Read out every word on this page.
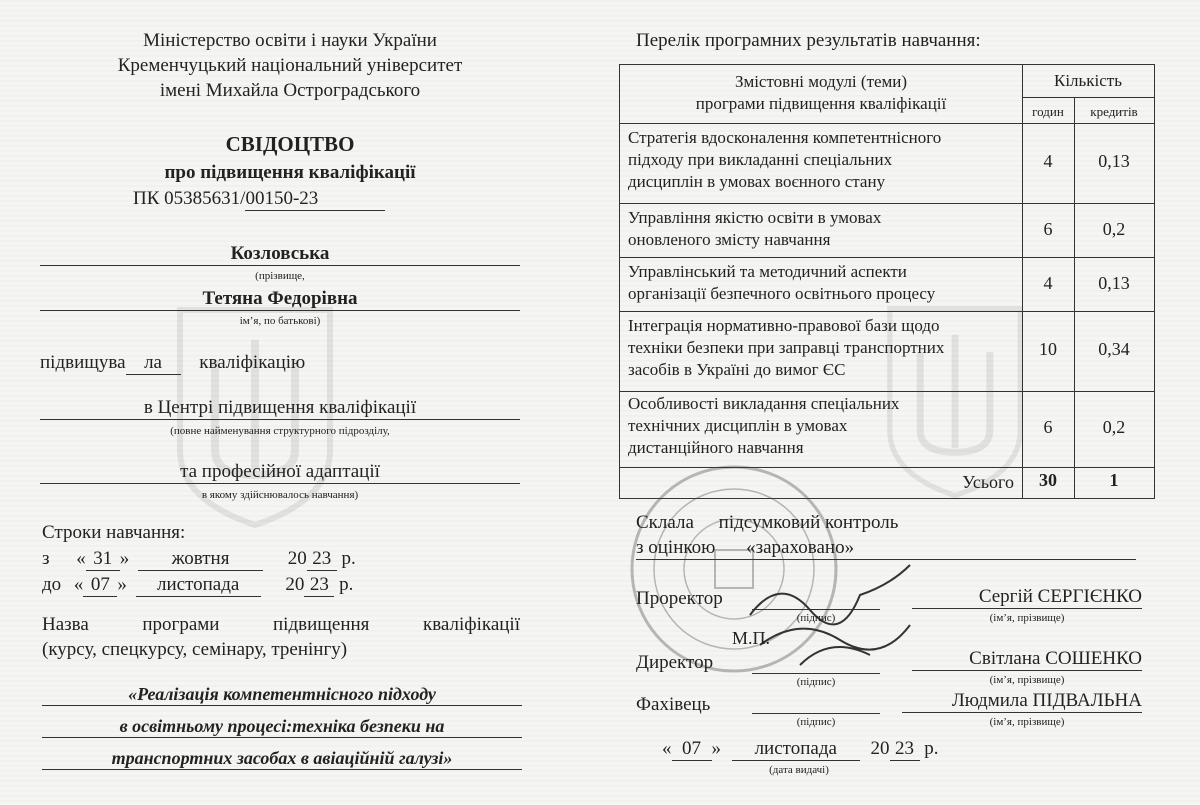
Міністерство освіти і науки України
Кременчуцький національний університет
імені Михайла Остроградського
СВІДОЦТВО
про підвищення кваліфікації
ПК 05385631/00150-23
Козловська
(прізвище,
Тетяна Федорівна
ім’я, по батькові)
підвищува ла кваліфікацію
в Центрі підвищення кваліфікації
(повне найменування структурного підрозділу,
та професійної адаптації
в якому здійснювалось навчання)
Строки навчання:
з « 31 » жовтня	20 23 р.
до « 07 » листопада 20 23 р.
Назва	програми	підвищення	кваліфікації
(курсу, спецкурсу, семінару, тренінгу)
«Реалізація компетентнісного підходу
в освітньому процесі:техніка безпеки на
транспортних засобах в авіаційній галузі»
Перелік програмних результатів навчання:
Змістовні модулі (теми)
програми підвищення кваліфікації
Кількість
годин	кредитів
Стратегія вдосконалення компетентнісного
підходу при викладанні спеціальних
дисциплін в умовах воєнного стану
4	0,13
Управління якістю освіти в умовах
оновленого змісту навчання
6	0,2
Управлінський та методичний аспекти
організації безпечного освітнього процесу
4	0,13
Інтеграція нормативно-правової бази щодо
техніки безпеки при заправці транспортних
засобів в Україні до вимог ЄС
10	0,34
Особливості викладання спеціальних
технічних дисциплін в умовах
дистанційного навчання
6	0,2
Усього	30	1
Склала підсумковий контроль
з оцінкою «зараховано»
Проректор
(підпис)
Сергій СЕРГІЄНКО
(ім’я, прізвище)
М.П.
Директор
(підпис)
Світлана СОШЕНКО
(ім’я, прізвище)
Фахівець
(підпис)
Людмила ПІДВАЛЬНА
(ім’я, прізвище)
« 07 » листопада 20 23 р.
(дата видачі)
